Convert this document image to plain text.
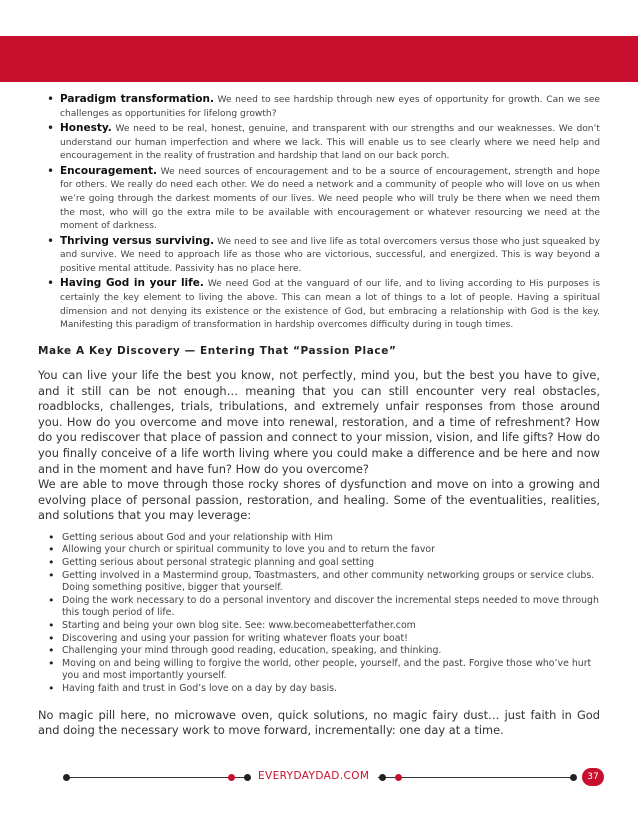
• Paradigm transformation. We need to see hardship through new eyes of opportunity for growth. Can we see challenges as opportunities for lifelong growth?
• Honesty. We need to be real, honest, genuine, and transparent with our strengths and our weaknesses. We don’t understand our human imperfection and where we lack. This will enable us to see clearly where we need help and encouragement in the reality of frustration and hardship that land on our back porch.
• Encouragement. We need sources of encouragement and to be a source of encouragement, strength and hope for others. We really do need each other. We do need a network and a community of people who will love on us when we’re going through the darkest moments of our lives. We need people who will truly be there when we need them the most, who will go the extra mile to be available with encouragement or whatever resourcing we need at the moment of darkness.
• Thriving versus surviving. We need to see and live life as total overcomers versus those who just squeaked by and survive. We need to approach life as those who are victorious, successful, and energized. This is way beyond a positive mental attitude. Passivity has no place here.
• Having God in your life. We need God at the vanguard of our life, and to living according to His purposes is certainly the key element to living the above. This can mean a lot of things to a lot of people. Having a spiritual dimension and not denying its existence or the existence of God, but embracing a relationship with God is the key. Manifesting this paradigm of transformation in hardship overcomes difficulty during in tough times.
Make A Key Discovery — Entering That “Passion Place”

You can live your life the best you know, not perfectly, mind you, but the best you have to give, and it still can be not enough… meaning that you can still encounter very real obstacles, roadblocks, challenges, trials, tribulations, and extremely unfair responses from those around you. How do you overcome and move into renewal, restoration, and a time of refreshment? How do you rediscover that place of passion and connect to your mission, vision, and life gifts? How do you finally conceive of a life worth living where you could make a difference and be here and now and in the moment and have fun? How do you overcome?

We are able to move through those rocky shores of dysfunction and move on into a growing and evolving place of personal passion, restoration, and healing. Some of the eventualities, realities, and solutions that you may leverage:

• Getting serious about God and your relationship with Him
• Allowing your church or spiritual community to love you and to return the favor
• Getting serious about personal strategic planning and goal setting
• Getting involved in a Mastermind group, Toastmasters, and other community networking groups or service clubs. Doing something positive, bigger that yourself.
• Doing the work necessary to do a personal inventory and discover the incremental steps needed to move through this tough period of life.
• Starting and being your own blog site. See: www.becomeabetterfather.com
• Discovering and using your passion for writing whatever floats your boat!
• Challenging your mind through good reading, education, speaking, and thinking.
• Moving on and being willing to forgive the world, other people, yourself, and the past. Forgive those who’ve hurt you and most importantly yourself.
• Having faith and trust in God’s love on a day by day basis.

No magic pill here, no microwave oven, quick solutions, no magic fairy dust… just faith in God and doing the necessary work to move forward, incrementally: one day at a time.

EVERYDAYDAD.COM	37
